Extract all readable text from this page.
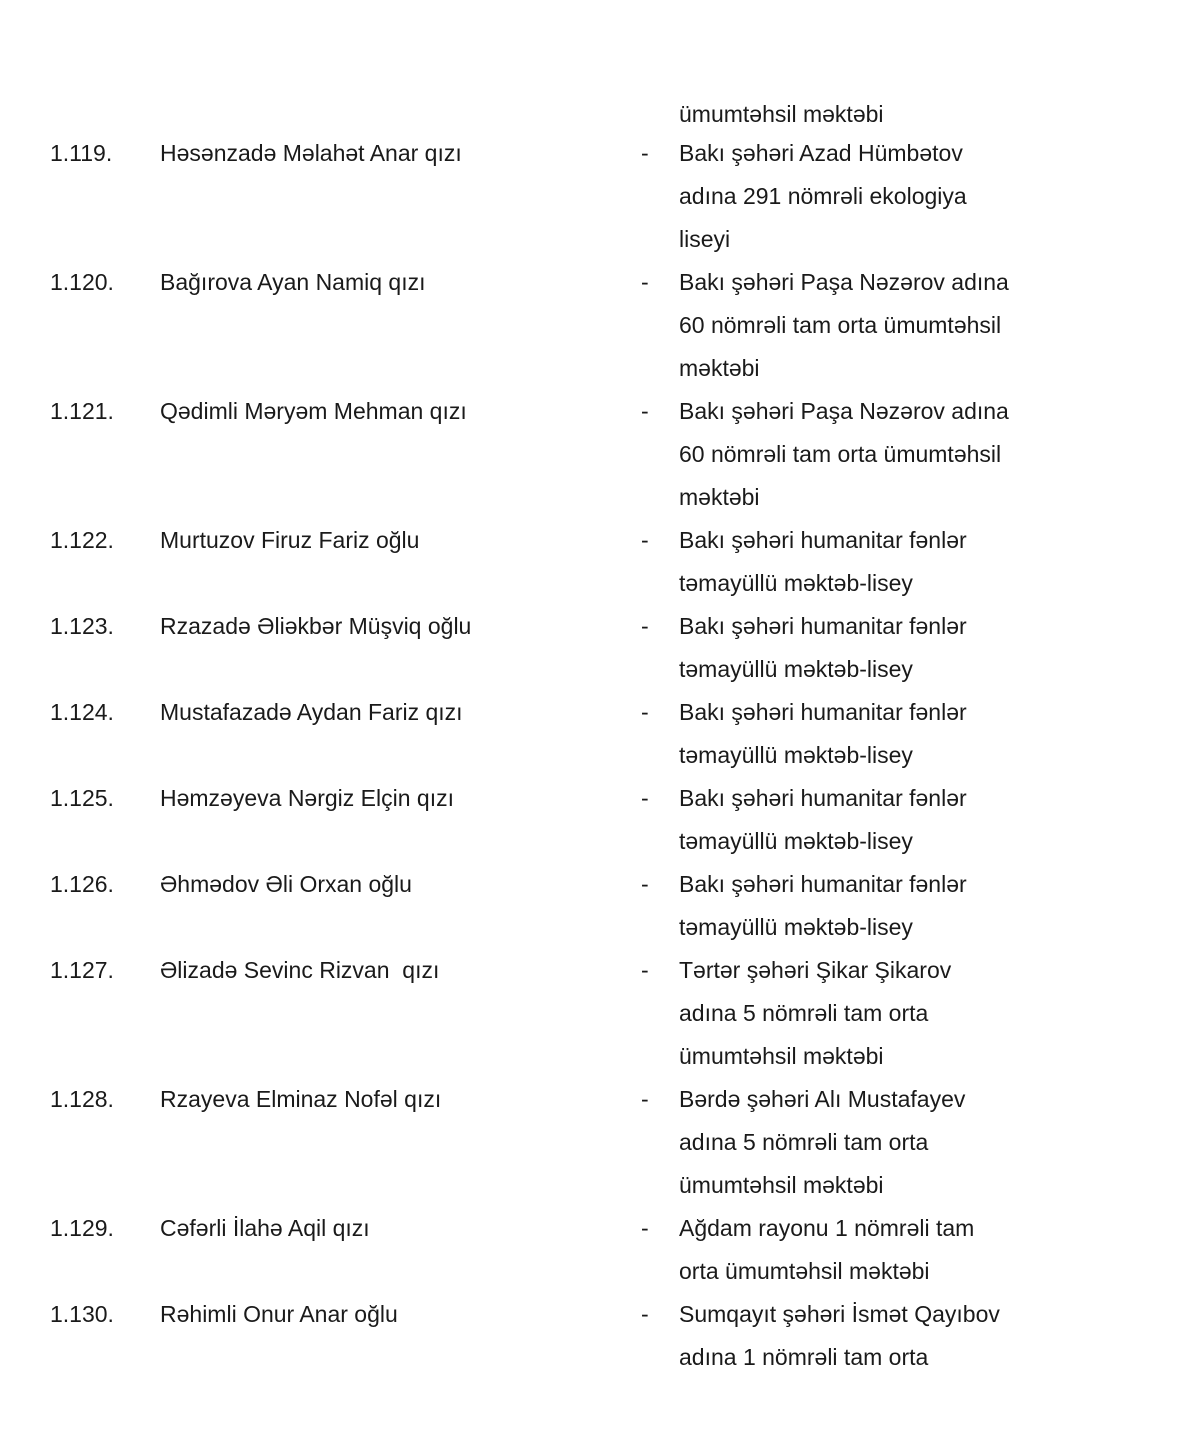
ümumtəhsil məktəbi
1.119. Həsənzadə Məlahət Anar qızı	- Bakı şəhəri Azad Hümbətov
adına 291 nömrəli ekologiya
liseyi
1.120. Bağırova Ayan Namiq qızı	- Bakı şəhəri Paşa Nəzərov adına
60 nömrəli tam orta ümumtəhsil
məktəbi
1.121. Qədimli Məryəm Mehman qızı	- Bakı şəhəri Paşa Nəzərov adına
60 nömrəli tam orta ümumtəhsil
məktəbi
1.122. Murtuzov Firuz Fariz oğlu	- Bakı şəhəri humanitar fənlər
təmayüllü məktəb-lisey
1.123. Rzazadə Əliəkbər Müşviq oğlu	- Bakı şəhəri humanitar fənlər
təmayüllü məktəb-lisey
1.124. Mustafazadə Aydan Fariz qızı	- Bakı şəhəri humanitar fənlər
təmayüllü məktəb-lisey
1.125. Həmzəyeva Nərgiz Elçin qızı	- Bakı şəhəri humanitar fənlər
təmayüllü məktəb-lisey
1.126. Əhmədov Əli Orxan oğlu	- Bakı şəhəri humanitar fənlər
təmayüllü məktəb-lisey
1.127. Əlizadə Sevinc Rizvan  qızı	- Tərtər şəhəri Şikar Şikarov
adına 5 nömrəli tam orta
ümumtəhsil məktəbi
1.128. Rzayeva Elminaz Nofəl qızı	- Bərdə şəhəri Alı Mustafayev
adına 5 nömrəli tam orta
ümumtəhsil məktəbi
1.129. Cəfərli İlahə Aqil qızı	- Ağdam rayonu 1 nömrəli tam
orta ümumtəhsil məktəbi
1.130. Rəhimli Onur Anar oğlu	- Sumqayıt şəhəri İsmət Qayıbov
adına 1 nömrəli tam orta
